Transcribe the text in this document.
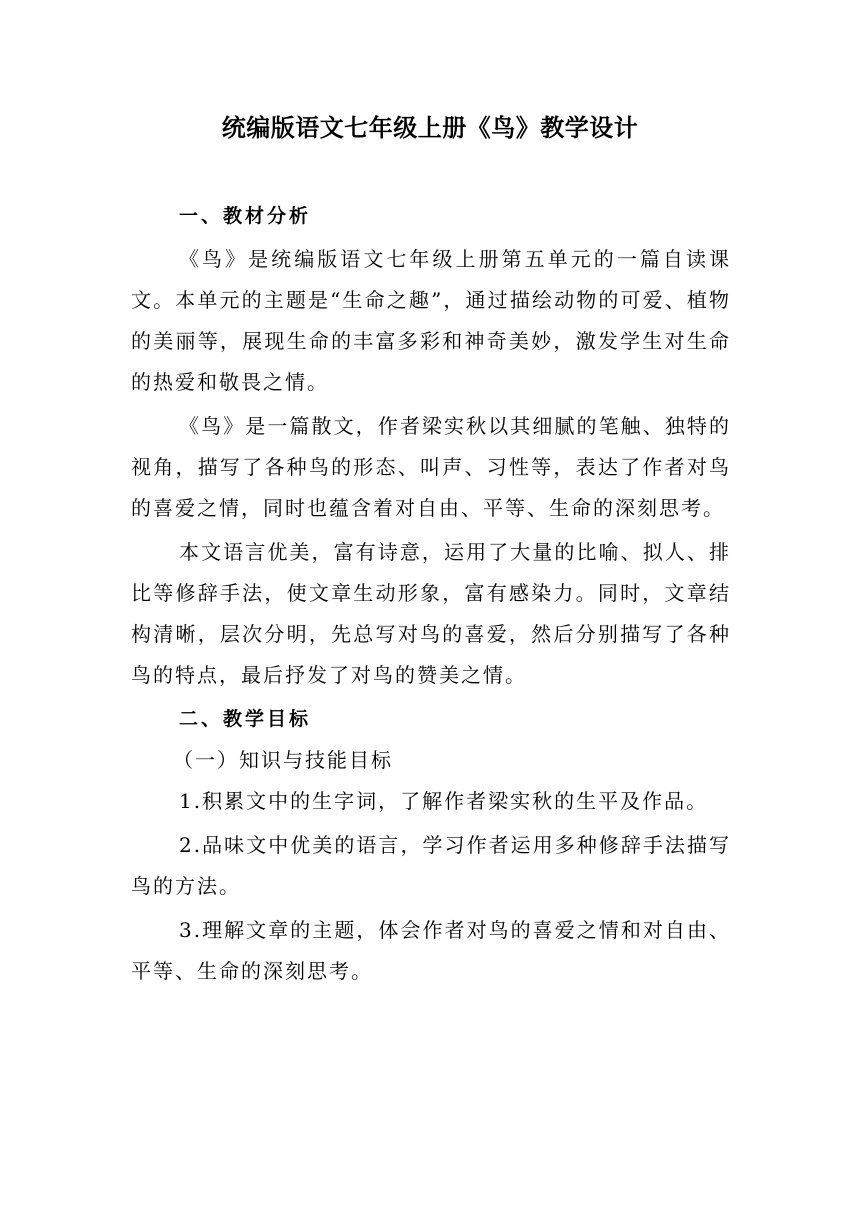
统编版语文七年级上册《鸟》教学设计

一、教材分析

《鸟》是统编版语文七年级上册第五单元的一篇自读课文。本单元的主题是“生命之趣”，通过描绘动物的可爱、植物的美丽等，展现生命的丰富多彩和神奇美妙，激发学生对生命的热爱和敬畏之情。

《鸟》是一篇散文，作者梁实秋以其细腻的笔触、独特的视角，描写了各种鸟的形态、叫声、习性等，表达了作者对鸟的喜爱之情，同时也蕴含着对自由、平等、生命的深刻思考。

本文语言优美，富有诗意，运用了大量的比喻、拟人、排比等修辞手法，使文章生动形象，富有感染力。同时，文章结构清晰，层次分明，先总写对鸟的喜爱，然后分别描写了各种鸟的特点，最后抒发了对鸟的赞美之情。

二、教学目标

（一）知识与技能目标

1.积累文中的生字词，了解作者梁实秋的生平及作品。

2.品味文中优美的语言，学习作者运用多种修辞手法描写鸟的方法。

3.理解文章的主题，体会作者对鸟的喜爱之情和对自由、平等、生命的深刻思考。
